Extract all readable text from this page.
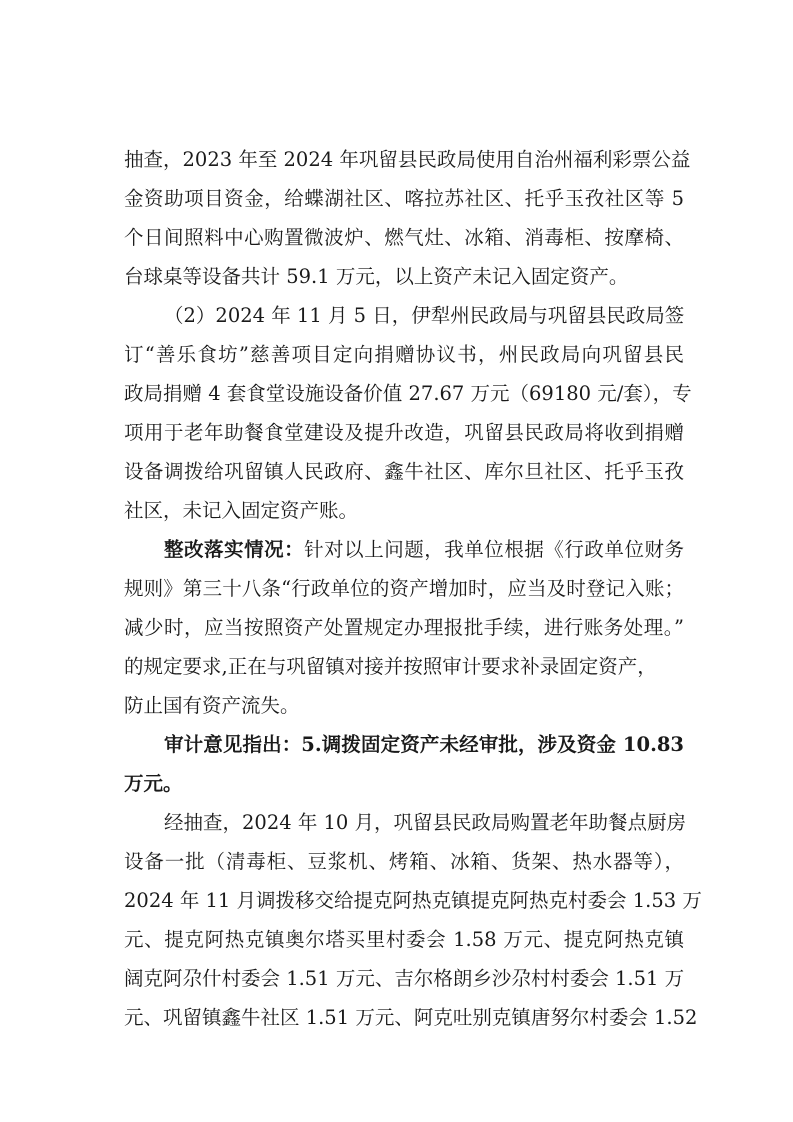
抽查，2023 年至 2024 年巩留县民政局使用自治州福利彩票公益
金资助项目资金，给蝶湖社区、喀拉苏社区、托乎玉孜社区等 5
个日间照料中心购置微波炉、燃气灶、冰箱、消毒柜、按摩椅、
台球桌等设备共计 59.1 万元，以上资产未记入固定资产。
（2）2024 年 11 月 5 日，伊犁州民政局与巩留县民政局签
订“善乐食坊”慈善项目定向捐赠协议书，州民政局向巩留县民
政局捐赠 4 套食堂设施设备价值 27.67 万元（69180 元/套），专
项用于老年助餐食堂建设及提升改造，巩留县民政局将收到捐赠
设备调拨给巩留镇人民政府、鑫牛社区、库尔旦社区、托乎玉孜
社区，未记入固定资产账。
整改落实情况：针对以上问题，我单位根据《行政单位财务
规则》第三十八条“行政单位的资产增加时，应当及时登记入账；
减少时，应当按照资产处置规定办理报批手续，进行账务处理。”
的规定要求,正在与巩留镇对接并按照审计要求补录固定资产，
防止国有资产流失。
审计意见指出：5.调拨固定资产未经审批，涉及资金 10.83
万元。
经抽查，2024 年 10 月，巩留县民政局购置老年助餐点厨房
设备一批（清毒柜、豆浆机、烤箱、冰箱、货架、热水器等），
2024 年 11 月调拨移交给提克阿热克镇提克阿热克村委会 1.53 万
元、提克阿热克镇奥尔塔买里村委会 1.58 万元、提克阿热克镇
阔克阿尕什村委会 1.51 万元、吉尔格朗乡沙尕村村委会 1.51 万
元、巩留镇鑫牛社区 1.51 万元、阿克吐别克镇唐努尔村委会 1.52
